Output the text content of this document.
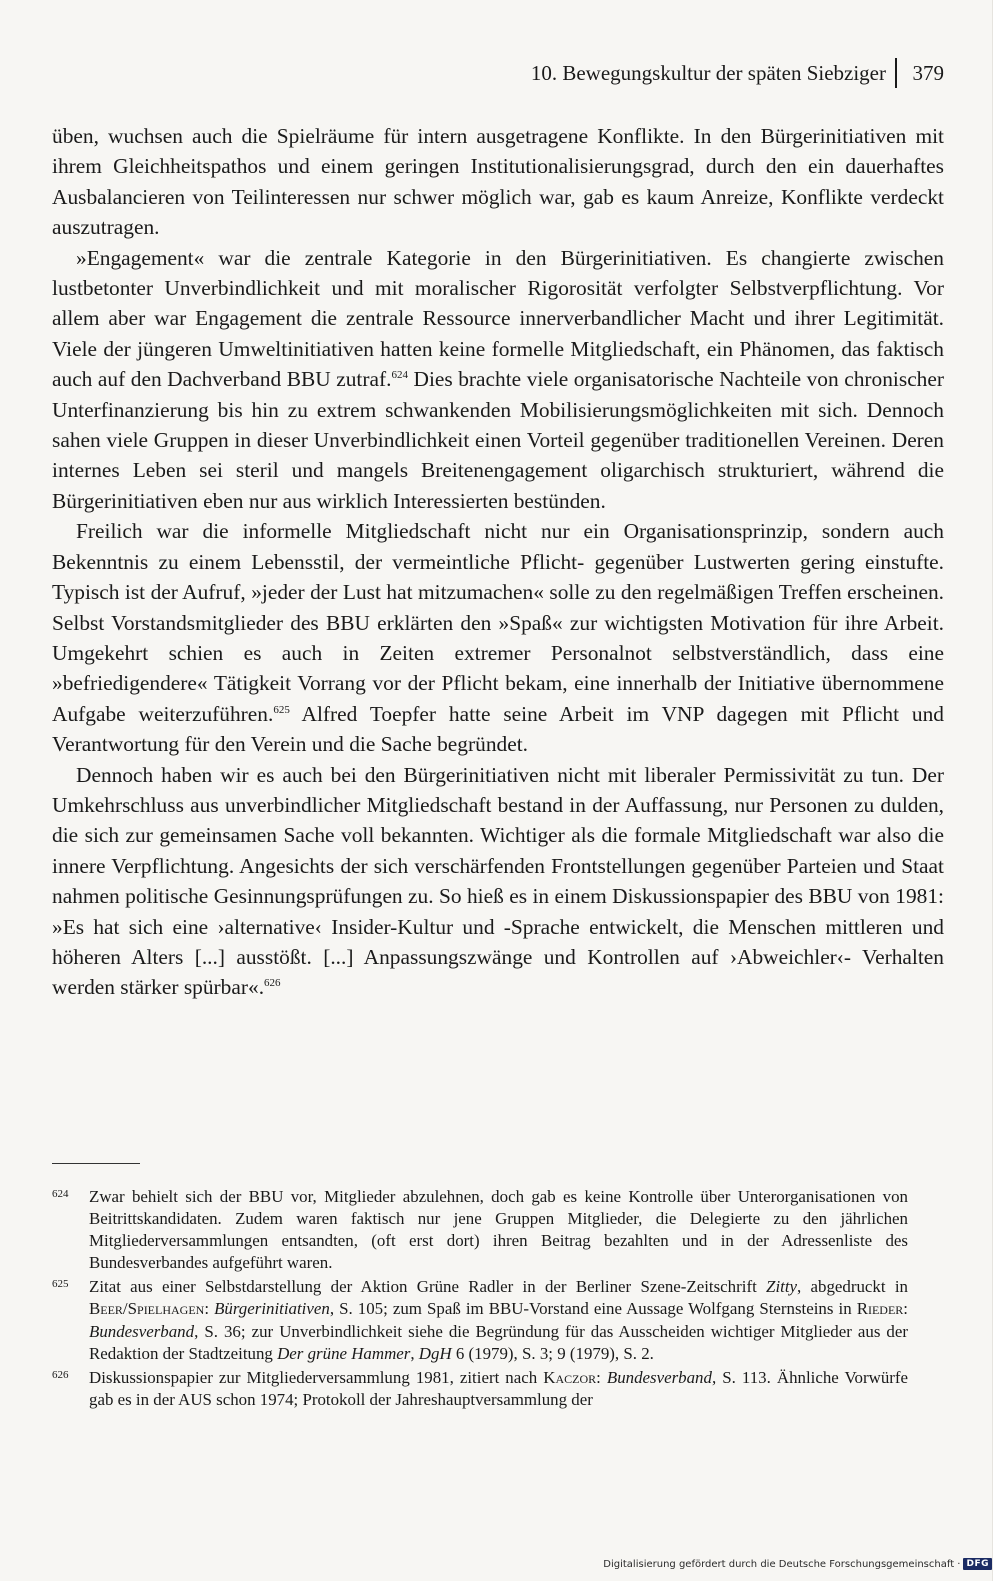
10. Bewegungskultur der späten Siebziger 379

üben, wuchsen auch die Spielräume für intern ausgetragene Konflikte. In den Bürgerinitiativen mit ihrem Gleichheitspathos und einem geringen Institutionalisierungsgrad, durch den ein dauerhaftes Ausbalancieren von Teilinteressen nur schwer möglich war, gab es kaum Anreize, Konflikte verdeckt auszutragen.

»Engagement« war die zentrale Kategorie in den Bürgerinitiativen. Es changierte zwischen lustbetonter Unverbindlichkeit und mit moralischer Rigorosität verfolgter Selbstverpflichtung. Vor allem aber war Engagement die zentrale Ressource innerverbandlicher Macht und ihrer Legitimität. Viele der jüngeren Umweltinitiativen hatten keine formelle Mitgliedschaft, ein Phänomen, das faktisch auch auf den Dachverband BBU zutraf.$^{624}$ Dies brachte viele organisatorische Nachteile von chronischer Unterfinanzierung bis hin zu extrem schwankenden Mobilisierungsmöglichkeiten mit sich. Dennoch sahen viele Gruppen in dieser Unverbindlichkeit einen Vorteil gegenüber traditionellen Vereinen. Deren internes Leben sei steril und mangels Breitenengagement oligarchisch strukturiert, während die Bürgerinitiativen eben nur aus wirklich Interessierten bestünden.

Freilich war die informelle Mitgliedschaft nicht nur ein Organisationsprinzip, sondern auch Bekenntnis zu einem Lebensstil, der vermeintliche Pflicht- gegenüber Lustwerten gering einstufte. Typisch ist der Aufruf, »jeder der Lust hat mitzumachen« solle zu den regelmäßigen Treffen erscheinen. Selbst Vorstandsmitglieder des BBU erklärten den »Spaß« zur wichtigsten Motivation für ihre Arbeit. Umgekehrt schien es auch in Zeiten extremer Personalnot selbstverständlich, dass eine »befriedigendere« Tätigkeit Vorrang vor der Pflicht bekam, eine innerhalb der Initiative übernommene Aufgabe weiterzuführen.$^{625}$ Alfred Toepfer hatte seine Arbeit im VNP dagegen mit Pflicht und Verantwortung für den Verein und die Sache begründet.

Dennoch haben wir es auch bei den Bürgerinitiativen nicht mit liberaler Permissivität zu tun. Der Umkehrschluss aus unverbindlicher Mitgliedschaft bestand in der Auffassung, nur Personen zu dulden, die sich zur gemeinsamen Sache voll bekannten. Wichtiger als die formale Mitgliedschaft war also die innere Verpflichtung. Angesichts der sich verschärfenden Frontstellungen gegenüber Parteien und Staat nahmen politische Gesinnungsprüfungen zu. So hieß es in einem Diskussionspapier des BBU von 1981: »Es hat sich eine ›alternative‹ Insider-Kultur und -Sprache entwickelt, die Menschen mittleren und höheren Alters [...] ausstößt. [...] Anpassungszwänge und Kontrollen auf ›Abweichler‹- Verhalten werden stärker spürbar«.$^{626}$

624 Zwar behielt sich der BBU vor, Mitglieder abzulehnen, doch gab es keine Kontrolle über Unterorganisationen von Beitrittskandidaten. Zudem waren faktisch nur jene Gruppen Mitglieder, die Delegierte zu den jährlichen Mitgliederversammlungen entsandten, (oft erst dort) ihren Beitrag bezahlten und in der Adressenliste des Bundesverbandes aufgeführt waren.
625 Zitat aus einer Selbstdarstellung der Aktion Grüne Radler in der Berliner Szene-Zeitschrift Zitty, abgedruckt in Beer/Spielhagen: Bürgerinitiativen, S. 105; zum Spaß im BBU-Vorstand eine Aussage Wolfgang Sternsteins in Rieder: Bundesverband, S. 36; zur Unverbindlichkeit siehe die Begründung für das Ausscheiden wichtiger Mitglieder aus der Redaktion der Stadtzeitung Der grüne Hammer, DgH 6 (1979), S. 3; 9 (1979), S. 2.
626 Diskussionspapier zur Mitgliederversammlung 1981, zitiert nach Kaczor: Bundesverband, S. 113. Ähnliche Vorwürfe gab es in der AUS schon 1974; Protokoll der Jahreshauptversammlung der
Digitalisierung gefördert durch die Deutsche Forschungsgemeinschaft · DFG
